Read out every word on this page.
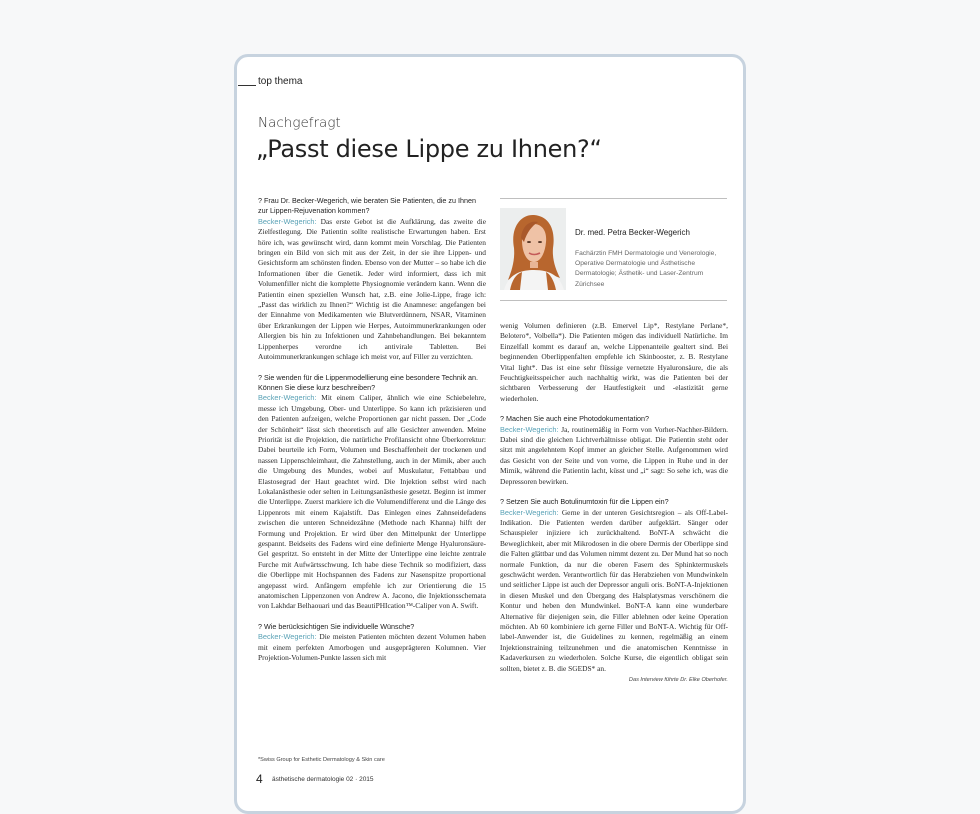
top thema
Nachgefragt
„Passt diese Lippe zu Ihnen?“
? Frau Dr. Becker-Wegerich, wie beraten Sie Patienten, die zu Ihnen zur Lippen-Rejuvenation kommen?
Becker-Wegerich: Das erste Gebot ist die Aufklärung, das zweite die Zielfestlegung. Die Patientin sollte realistische Erwartungen haben. Erst höre ich, was gewünscht wird, dann kommt mein Vorschlag. Die Patienten bringen ein Bild von sich mit aus der Zeit, in der sie ihre Lippen- und Gesichtsform am schönsten finden. Ebenso von der Mutter – so habe ich die Informationen über die Genetik. Jeder wird informiert, dass ich mit Volumenfiller nicht die komplette Physiognomie verändern kann. Wenn die Patientin einen speziellen Wunsch hat, z.B. eine Jolie-Lippe, frage ich: „Passt das wirklich zu Ihnen?“ Wichtig ist die Anamnese: angefangen bei der Einnahme von Medikamenten wie Blutverdünnern, NSAR, Vitaminen über Erkrankungen der Lippen wie Herpes, Autoimmunerkrankungen oder Allergien bis hin zu Infektionen und Zahnbehandlungen. Bei bekanntem Lippenherpes verordne ich antivirale Tabletten. Bei Autoimmunerkrankungen schlage ich meist vor, auf Filler zu verzichten.
? Sie wenden für die Lippenmodellierung eine besondere Technik an. Können Sie diese kurz beschreiben?
Becker-Wegerich: Mit einem Caliper, ähnlich wie eine Schiebelehre, messe ich Umgebung, Ober- und Unterlippe. So kann ich präzisieren und den Patienten aufzeigen, welche Proportionen gar nicht passen. Der „Code der Schönheit“ lässt sich theoretisch auf alle Gesichter anwenden. Meine Priorität ist die Projektion, die natürliche Profilansicht ohne Überkorrektur: Dabei beurteile ich Form, Volumen und Beschaffenheit der trockenen und nassen Lippenschleimhaut, die Zahnstellung, auch in der Mimik, aber auch die Umgebung des Mundes, wobei auf Muskulatur, Fettabbau und Elastosegrad der Haut geachtet wird. Die Injektion selbst wird nach Lokalanästhesie oder selten in Leitungsanästhesie gesetzt. Beginn ist immer die Unterlippe. Zuerst markiere ich die Volumendifferenz und die Länge des Lippenrots mit einem Kajalstift. Das Einlegen eines Zahnseidefadens zwischen die unteren Schneidezähne (Methode nach Khanna) hilft der Formung und Projektion. Er wird über den Mittelpunkt der Unterlippe gespannt. Beidseits des Fadens wird eine definierte Menge Hyaluronsäure-Gel gespritzt. So entsteht in der Mitte der Unterlippe eine leichte zentrale Furche mit Aufwärtsschwung. Ich habe diese Technik so modifiziert, dass die Oberlippe mit Hochspannen des Fadens zur Nasenspitze proportional angepasst wird. Anfängern empfehle ich zur Orientierung die 15 anatomischen Lippenzonen von Andrew A. Jacono, die Injektionsschemata von Lakhdar Belhaouari und das BeautiPHIcation™-Caliper von A. Swift.
? Wie berücksichtigen Sie individuelle Wünsche?
Becker-Wegerich: Die meisten Patienten möchten dezent Volumen haben mit einem perfekten Amorbogen und ausgeprägteren Kolumnen. Vier Projektion-Volumen-Punkte lassen sich mit
Dr. med. Petra Becker-Wegerich
Fachärztin FMH Dermatologie und Venerologie, Operative Dermatologie und Ästhetische Dermatologie; Ästhetik- und Laser-Zentrum Zürichsee
wenig Volumen definieren (z.B. Emervel Lip*, Restylane Perlane*, Belotero*, Volbella*). Die Patienten mögen das individuell Natürliche. Im Einzelfall kommt es darauf an, welche Lippenanteile gealtert sind. Bei beginnenden Oberlippenfalten empfehle ich Skinbooster, z. B. Restylane Vital light*. Das ist eine sehr flüssige vernetzte Hyaluronsäure, die als Feuchtigkeitsspeicher auch nachhaltig wirkt, was die Patienten bei der sichtbaren Verbesserung der Hautfestigkeit und -elastizität gerne wiederholen.
? Machen Sie auch eine Photodokumentation?
Becker-Wegerich: Ja, routinemäßig in Form von Vorher-Nachher-Bildern. Dabei sind die gleichen Lichtverhältnisse obligat. Die Patientin steht oder sitzt mit angelehntem Kopf immer an gleicher Stelle. Aufgenommen wird das Gesicht von der Seite und von vorne, die Lippen in Ruhe und in der Mimik, während die Patientin lacht, küsst und „i“ sagt: So sehe ich, was die Depressoren bewirken.
? Setzen Sie auch Botulinumtoxin für die Lippen ein?
Becker-Wegerich: Gerne in der unteren Gesichtsregion – als Off-Label-Indikation. Die Patienten werden darüber aufgeklärt. Sänger oder Schauspieler injiziere ich zurückhaltend. BoNT-A schwächt die Beweglichkeit, aber mit Mikrodosen in die obere Dermis der Oberlippe sind die Falten glättbar und das Volumen nimmt dezent zu. Der Mund hat so noch normale Funktion, da nur die oberen Fasern des Sphinktermuskels geschwächt werden. Verantwortlich für das Herabziehen von Mundwinkeln und seitlicher Lippe ist auch der Depressor anguli oris. BoNT-A-Injektionen in diesen Muskel und den Übergang des Halsplatysmas verschönern die Kontur und heben den Mundwinkel. BoNT-A kann eine wunderbare Alternative für diejenigen sein, die Filler ablehnen oder keine Operation möchten. Ab 60 kombiniere ich gerne Filler und BoNT-A. Wichtig für Off-label-Anwender ist, die Guidelines zu kennen, regelmäßig an einem Injektionstraining teilzunehmen und die anatomischen Kenntnisse in Kadaverkursen zu wiederholen. Solche Kurse, die eigentlich obligat sein sollten, bietet z. B. die SGEDS* an.
Das Interview führte Dr. Elke Oberhofer.
*Swiss Group for Esthetic Dermatology & Skin care
4 ästhetische dermatologie 02 · 2015
